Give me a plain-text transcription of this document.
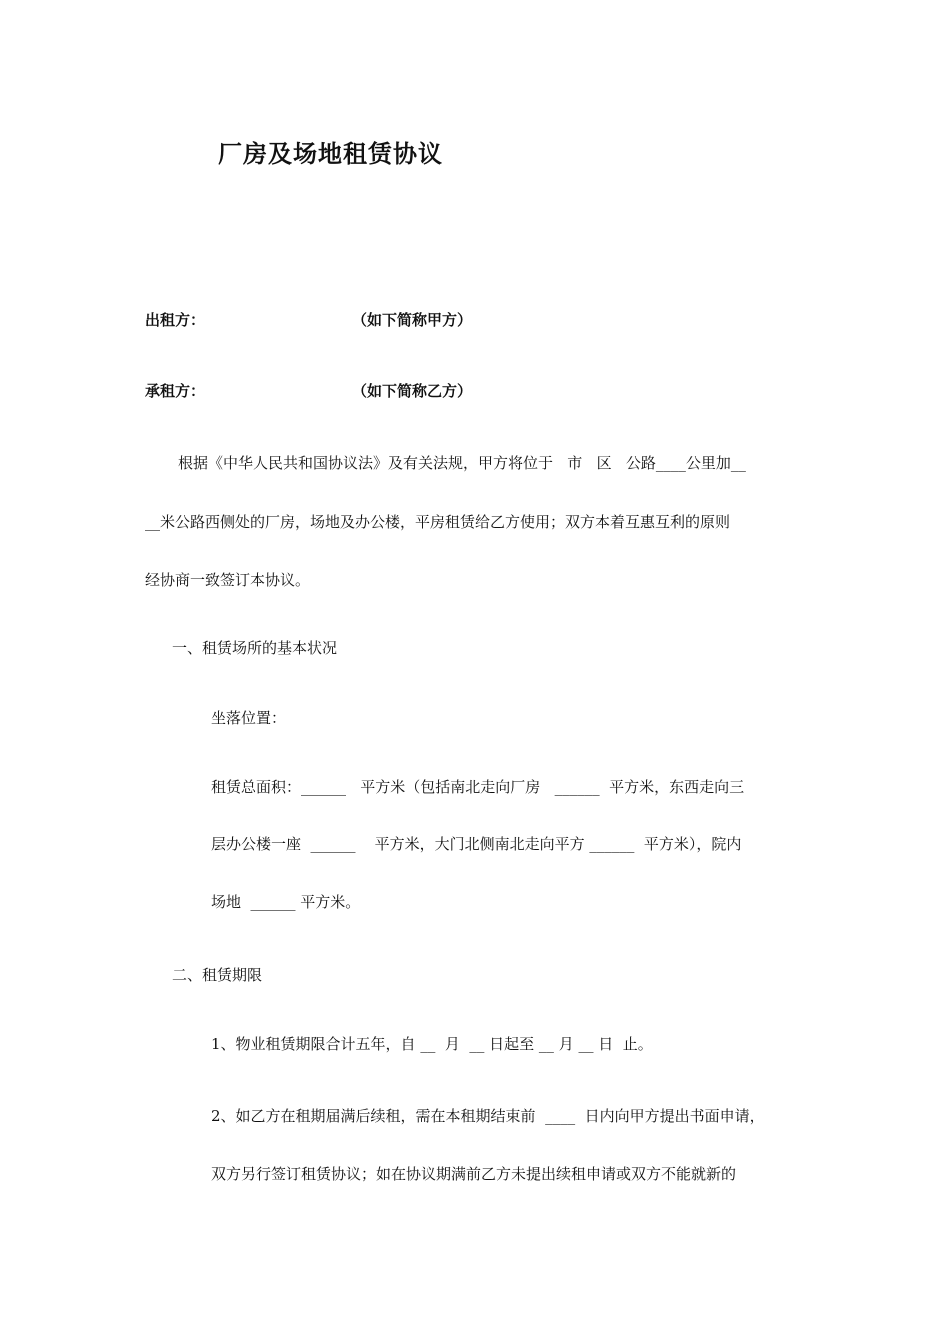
厂房及场地租赁协议
出租方：	（如下简称甲方）
承租方：	（如下简称乙方）
根据《中华人民共和国协议法》及有关法规，甲方将位于   市   区   公路____公里加__
__米公路西侧处的厂房，场地及办公楼，平房租赁给乙方使用；双方本着互惠互利的原则
经协商一致签订本协议。
一、租赁场所的基本状况
坐落位置：
租赁总面积：______   平方米（包括南北走向厂房   ______  平方米，东西走向三
层办公楼一座  ______    平方米，大门北侧南北走向平方 ______  平方米），院内
场地  ______ 平方米。
二、租赁期限
1、物业租赁期限合计五年，自 __  月  __ 日起至 __ 月 __ 日  止。
2、如乙方在租期届满后续租，需在本租期结束前  ____  日内向甲方提出书面申请，
双方另行签订租赁协议；如在协议期满前乙方未提出续租申请或双方不能就新的
